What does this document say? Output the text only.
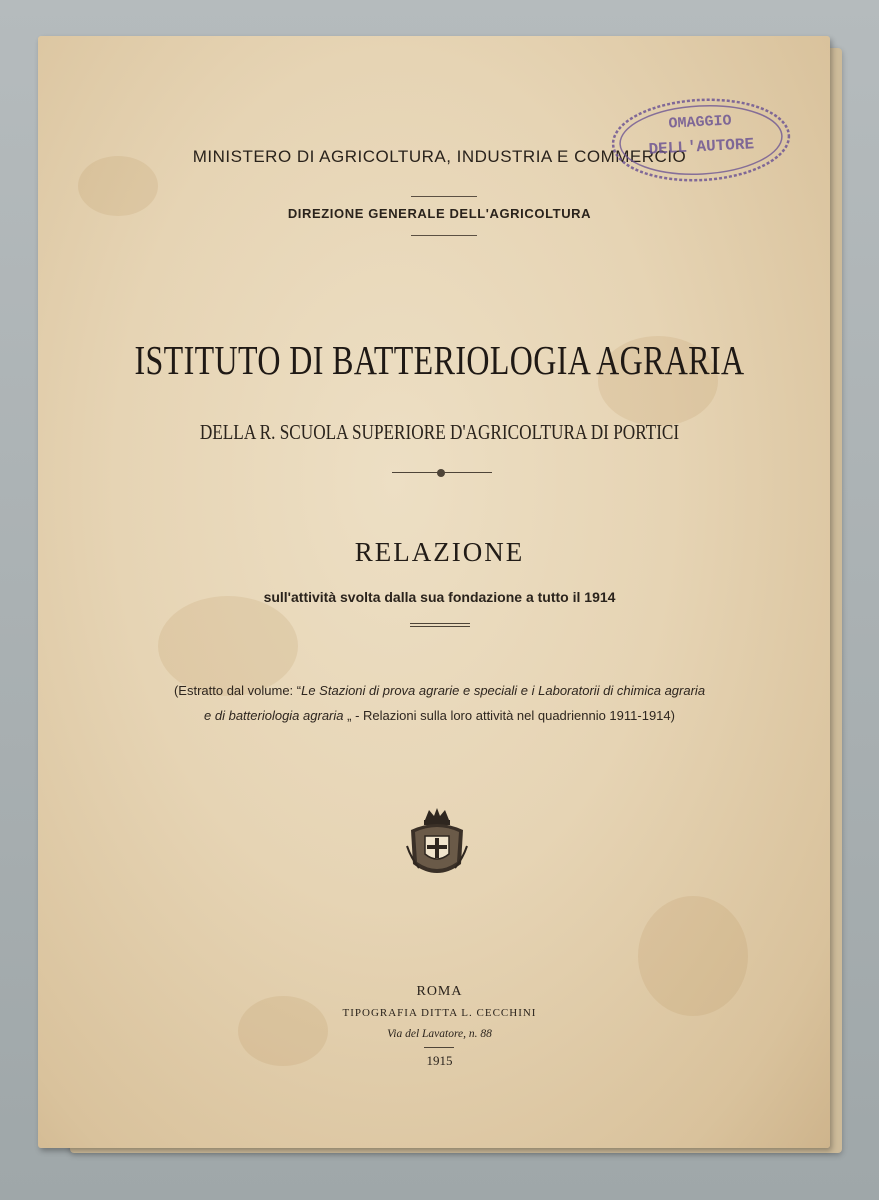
MINISTERO DI AGRICOLTURA, INDUSTRIA E COMMERCIO
DIREZIONE GENERALE DELL'AGRICOLTURA
ISTITUTO DI BATTERIOLOGIA AGRARIA
DELLA R. SCUOLA SUPERIORE D'AGRICOLTURA DI PORTICI
RELAZIONE
sull'attività svolta dalla sua fondazione a tutto il 1914
(Estratto dal volume: “Le Stazioni di prova agrarie e speciali e i Laboratorii di chimica agraria
e di batteriologia agraria „ - Relazioni sulla loro attività nel quadriennio 1911-1914)
ROMA
TIPOGRAFIA DITTA L. CECCHINI
Via del Lavatore, n. 88
1915
OMAGGIO
DELL'AUTORE
